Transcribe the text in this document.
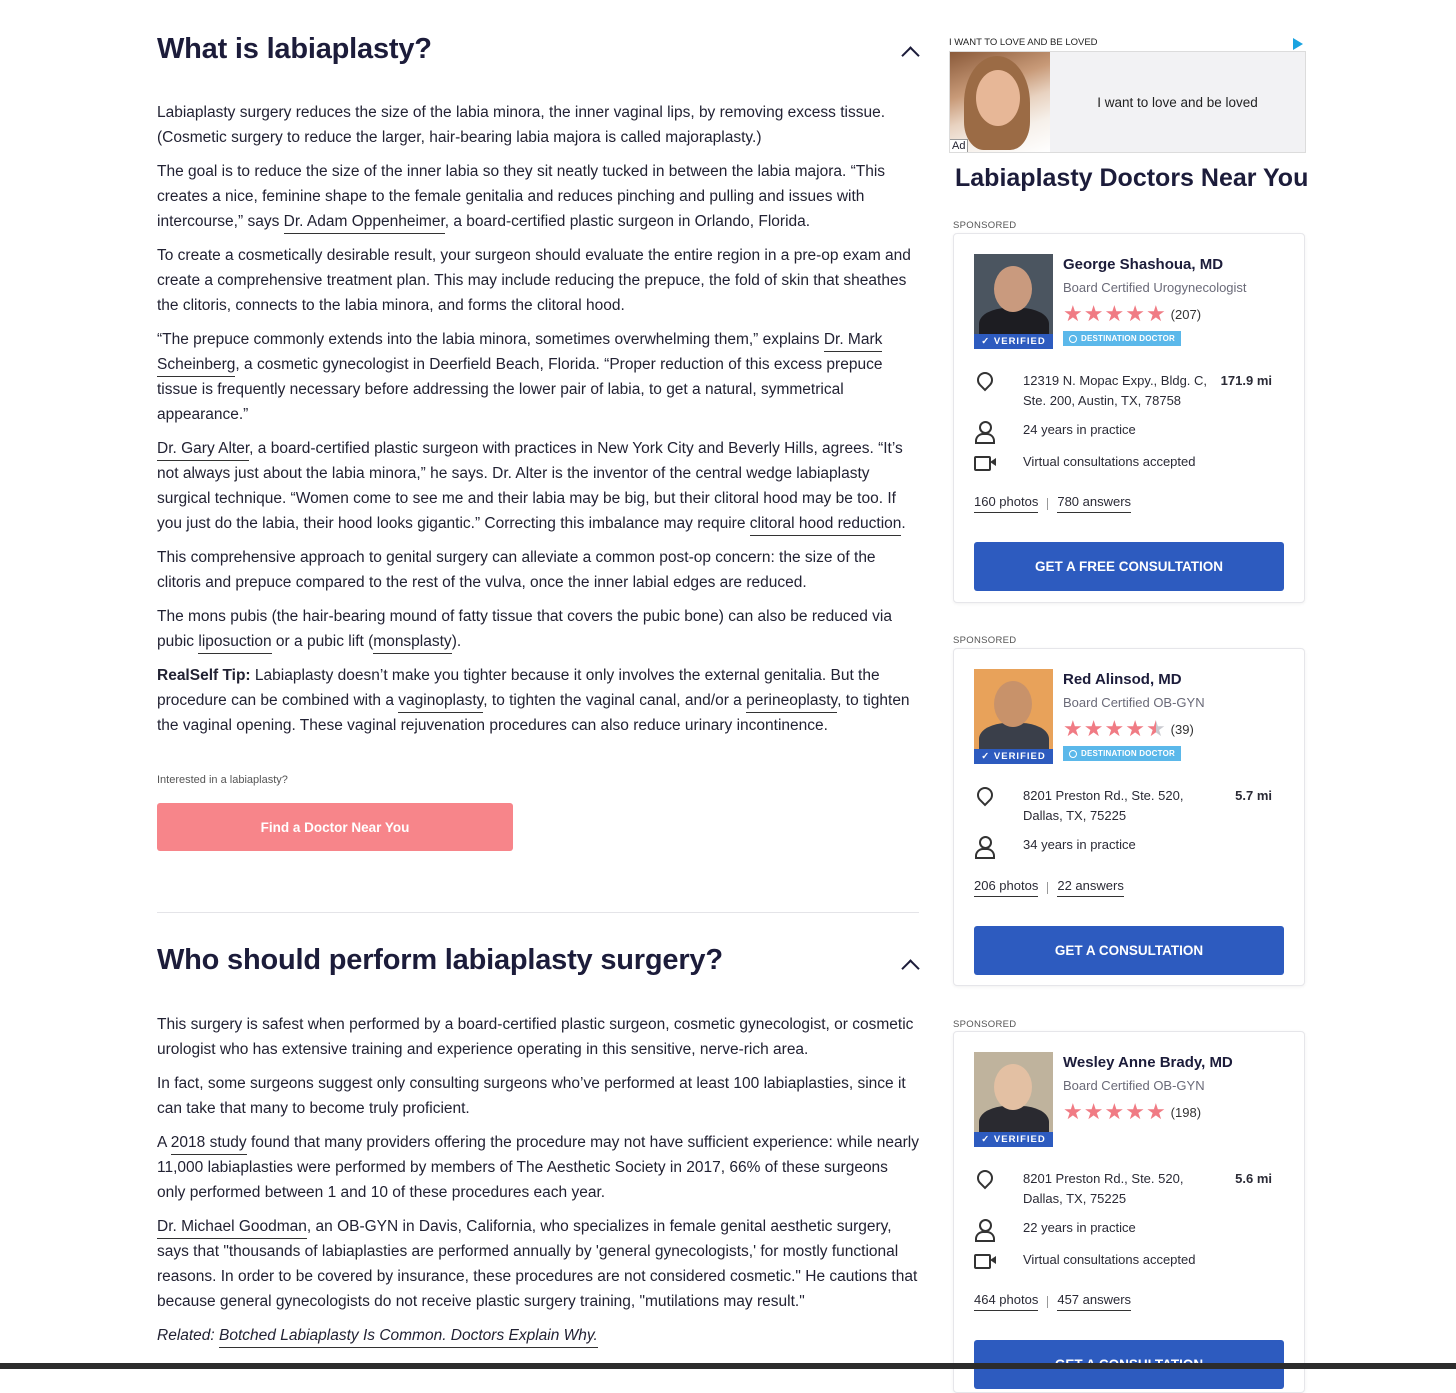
What is labiaplasty?

Labiaplasty surgery reduces the size of the labia minora, the inner vaginal lips, by removing excess tissue. (Cosmetic surgery to reduce the larger, hair-bearing labia majora is called majoraplasty.)

The goal is to reduce the size of the inner labia so they sit neatly tucked in between the labia majora. “This creates a nice, feminine shape to the female genitalia and reduces pinching and pulling and issues with intercourse,” says Dr. Adam Oppenheimer, a board-certified plastic surgeon in Orlando, Florida.

To create a cosmetically desirable result, your surgeon should evaluate the entire region in a pre-op exam and create a comprehensive treatment plan. This may include reducing the prepuce, the fold of skin that sheathes the clitoris, connects to the labia minora, and forms the clitoral hood.

“The prepuce commonly extends into the labia minora, sometimes overwhelming them,” explains Dr. Mark Scheinberg, a cosmetic gynecologist in Deerfield Beach, Florida. “Proper reduction of this excess prepuce tissue is frequently necessary before addressing the lower pair of labia, to get a natural, symmetrical appearance.”

Dr. Gary Alter, a board-certified plastic surgeon with practices in New York City and Beverly Hills, agrees. “It’s not always just about the labia minora,” he says. Dr. Alter is the inventor of the central wedge labiaplasty surgical technique. “Women come to see me and their labia may be big, but their clitoral hood may be too. If you just do the labia, their hood looks gigantic.” Correcting this imbalance may require clitoral hood reduction.

This comprehensive approach to genital surgery can alleviate a common post-op concern: the size of the clitoris and prepuce compared to the rest of the vulva, once the inner labial edges are reduced.

The mons pubis (the hair-bearing mound of fatty tissue that covers the pubic bone) can also be reduced via pubic liposuction or a pubic lift (monsplasty).

RealSelf Tip: Labiaplasty doesn’t make you tighter because it only involves the external genitalia. But the procedure can be combined with a vaginoplasty, to tighten the vaginal canal, and/or a perineoplasty, to tighten the vaginal opening. These vaginal rejuvenation procedures can also reduce urinary incontinence.

Interested in a labiaplasty?
Find a Doctor Near You
Who should perform labiaplasty surgery?

This surgery is safest when performed by a board-certified plastic surgeon, cosmetic gynecologist, or cosmetic urologist who has extensive training and experience operating in this sensitive, nerve-rich area.

In fact, some surgeons suggest only consulting surgeons who’ve performed at least 100 labiaplasties, since it can take that many to become truly proficient.

A 2018 study found that many providers offering the procedure may not have sufficient experience: while nearly 11,000 labiaplasties were performed by members of The Aesthetic Society in 2017, 66% of these surgeons only performed between 1 and 10 of these procedures each year.

Dr. Michael Goodman, an OB-GYN in Davis, California, who specializes in female genital aesthetic surgery, says that "thousands of labiaplasties are performed annually by 'general gynecologists,' for mostly functional reasons. In order to be covered by insurance, these procedures are not considered cosmetic." He cautions that because general gynecologists do not receive plastic surgery training, "mutilations may result."

Related: Botched Labiaplasty Is Common. Doctors Explain Why.

I WANT TO LOVE AND BE LOVED
Ad
I want to love and be loved
Labiaplasty Doctors Near You
SPONSORED
✓ VERIFIED
George Shashoua, MD
Board Certified Urogynecologist
★ ★ ★ ★ ★ (207)
DESTINATION DOCTOR
12319 N. Mopac Expy., Bldg. C, Ste. 200, Austin, TX, 78758
171.9 mi
24 years in practice
Virtual consultations accepted
160 photos 780 answers
GET A FREE CONSULTATION
SPONSORED
✓ VERIFIED
Red Alinsod, MD
Board Certified OB-GYN
★ ★ ★ ★ ★ (39)
DESTINATION DOCTOR
8201 Preston Rd., Ste. 520, Dallas, TX, 75225
5.7 mi
34 years in practice
206 photos 22 answers
GET A CONSULTATION
SPONSORED
✓ VERIFIED
Wesley Anne Brady, MD
Board Certified OB-GYN
★ ★ ★ ★ ★ (198)
8201 Preston Rd., Ste. 520, Dallas, TX, 75225
5.6 mi
22 years in practice
Virtual consultations accepted
464 photos 457 answers
